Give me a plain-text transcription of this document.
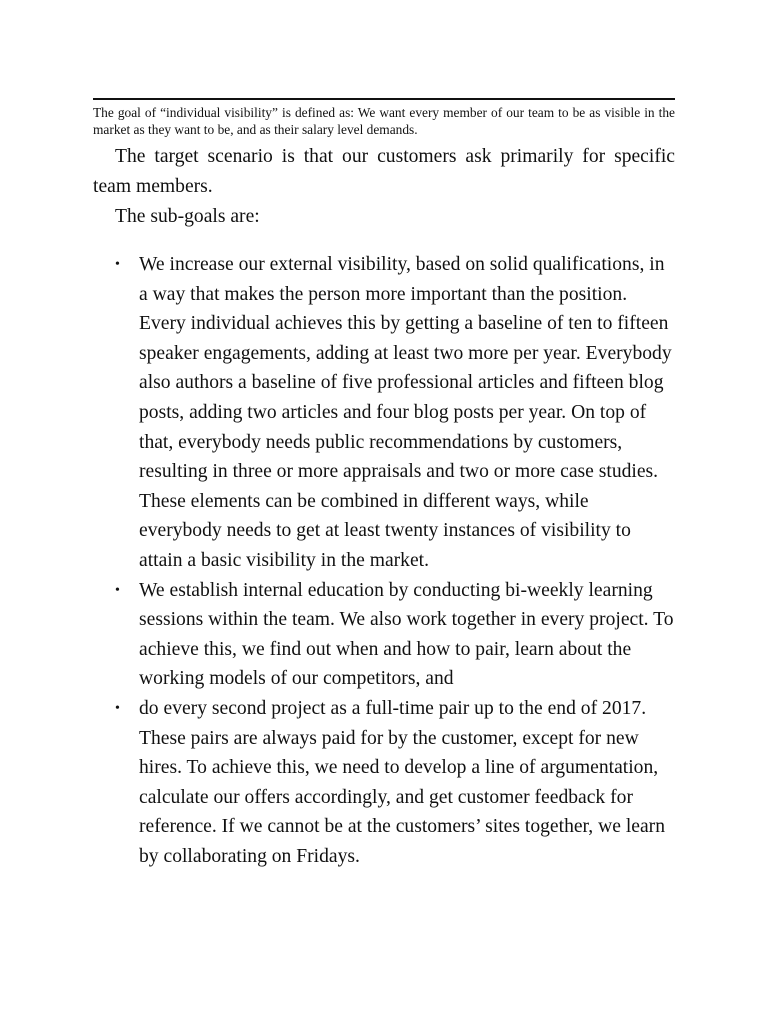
The goal of “individual visibility” is defined as: We want every member of our team to be as visible in the market as they want to be, and as their salary level demands.

The target scenario is that our customers ask primarily for specific team members.

The sub-goals are:

• We increase our external visibility, based on solid qualifications, in a way that makes the person more important than the position. Every individual achieves this by getting a baseline of ten to fifteen speaker engagements, adding at least two more per year. Everybody also authors a baseline of five professional articles and fifteen blog posts, adding two articles and four blog posts per year. On top of that, everybody needs public recommendations by customers, resulting in three or more appraisals and two or more case studies. These elements can be combined in different ways, while everybody needs to get at least twenty instances of visibility to attain a basic visibility in the market.
• We establish internal education by conducting bi-weekly learning sessions within the team. We also work together in every project. To achieve this, we find out when and how to pair, learn about the working models of our competitors, and
• do every second project as a full-time pair up to the end of 2017. These pairs are always paid for by the customer, except for new hires. To achieve this, we need to develop a line of argumentation, calculate our offers accordingly, and get customer feedback for reference. If we cannot be at the customers’ sites together, we learn by collaborating on Fridays.
